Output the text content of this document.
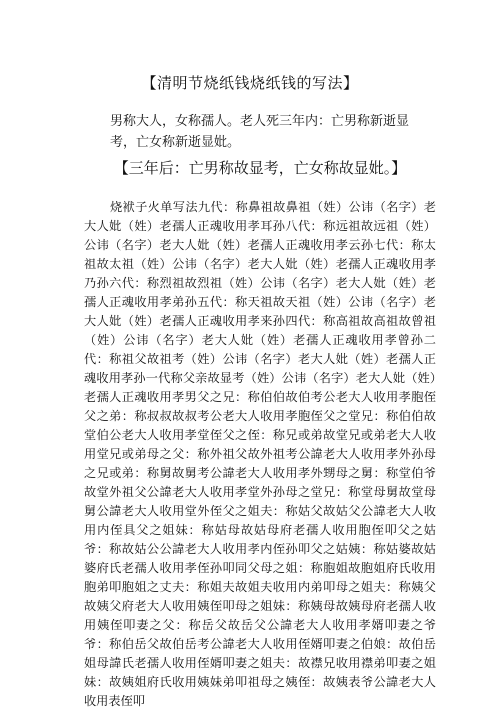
【清明节烧纸钱烧纸钱的写法】

男称大人，女称孺人。老人死三年内：亡男称新逝显考，亡女称新逝显妣。

【三年后：亡男称故显考，亡女称故显妣。】

烧袱子火单写法九代：称鼻祖故鼻祖（姓）公讳（名字）老大人妣（姓）老孺人正魂收用孝耳孙八代：称远祖故远祖（姓）公讳（名字）老大人妣（姓）老孺人正魂收用孝云孙七代：称太祖故太祖（姓）公讳（名字）老大人妣（姓）老孺人正魂收用孝乃孙六代：称烈祖故烈祖（姓）公讳（名字）老大人妣（姓）老孺人正魂收用孝弟孙五代：称天祖故天祖（姓）公讳（名字）老大人妣（姓）老孺人正魂收用孝来孙四代：称高祖故高祖故曾祖（姓）公讳（名字）老大人妣（姓）老孺人正魂收用孝曾孙二代：称祖父故祖考（姓）公讳（名字）老大人妣（姓）老孺人正魂收用孝孙一代称父亲故显考（姓）公讳（名字）老大人妣（姓）老孺人正魂收用孝男父之兄：称伯伯故伯考公老大人收用孝胞侄父之弟：称叔叔故叔考公老大人收用孝胞侄父之堂兄：称伯伯故堂伯公老大人收用孝堂侄父之侄：称兄或弟故堂兄或弟老大人收用堂兄或弟母之父：称外祖父故外祖考公諱老大人收用孝外孙母之兄或弟：称舅故舅考公諱老大人收用孝外甥母之舅：称堂伯爷故堂外祖父公諱老大人收用孝堂外孙母之堂兄：称堂母舅故堂母舅公諱老大人收用堂外侄父之姐夫：称姑父故姑父公諱老大人收用内侄具父之姐妹：称姑母故姑母府老孺人收用胞侄叩父之姑爷：称故姑公公諱老大人收用孝内侄孙叩父之姑姨：称姑婆故姑婆府氏老孺人收用孝侄孙叩同父母之姐：称胞姐故胞姐府氏收用胞弟叩胞姐之丈夫：称姐夫故姐夫收用内弟叩母之姐夫：称姨父故姨父府老大人收用姨侄叩母之姐妹：称姨母故姨母府老孺人收用姨侄叩妻之父：称岳父故岳父公諱老大人收用孝婿叩妻之爷爷：称伯岳父故伯岳考公諱老大人收用侄婿叩妻之伯娘：故伯岳姐母諱氏老孺人收用侄婿叩妻之姐夫：故襟兄收用襟弟叩妻之姐妹：故姨姐府氏收用姨妹弟叩祖母之姨侄：故姨表爷公諱老大人收用表侄叩
